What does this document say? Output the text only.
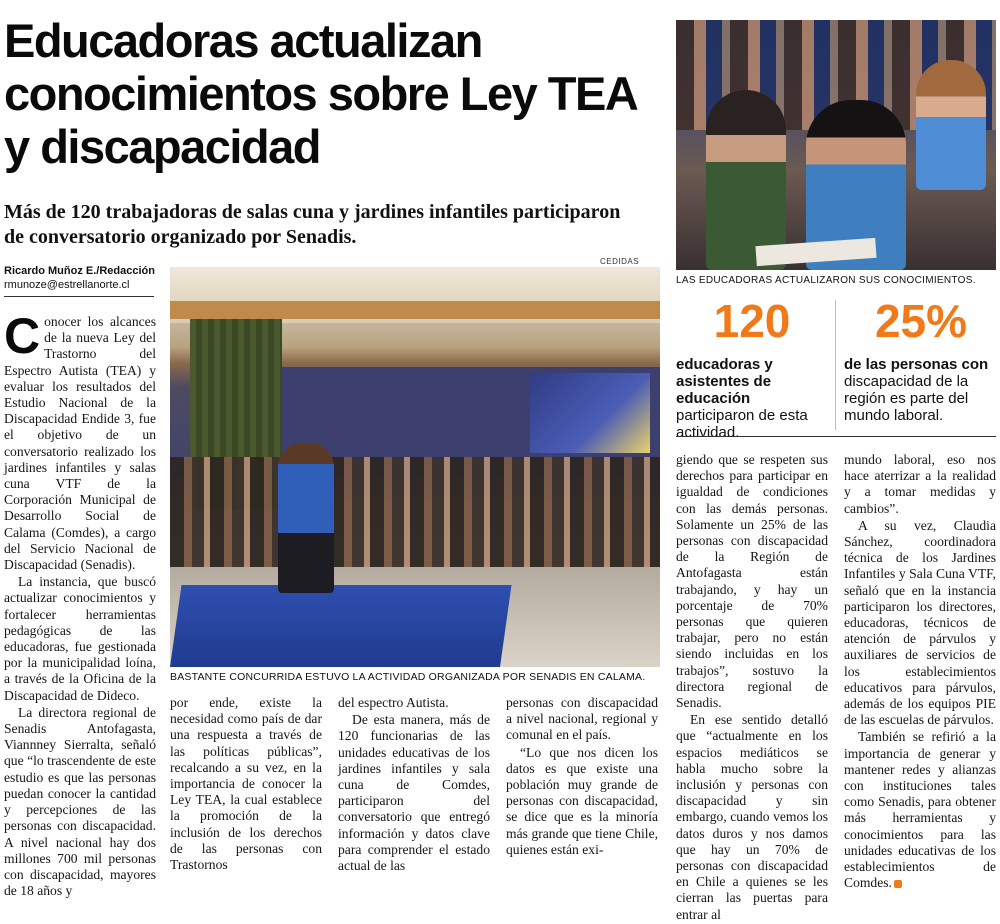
Educadoras actualizan conocimientos sobre Ley TEA y discapacidad

Más de 120 trabajadoras de salas cuna y jardines infantiles participaron de conversatorio organizado por Senadis.

Ricardo Muñoz E./Redacción
rmunoze@estrellanorte.cl
CEDIDAS
BASTANTE CONCURRIDA ESTUVO LA ACTIVIDAD ORGANIZADA POR SENADIS EN CALAMA.
LAS EDUCADORAS ACTUALIZARON SUS CONOCIMIENTOS.
120
educadoras y asistentes de educación participaron de esta actividad.
25%
de las personas con discapacidad de la región es parte del mundo laboral.

Conocer los alcances de la nueva Ley del Trastorno del Espectro Autista (TEA) y evaluar los resultados del Estudio Nacional de la Discapacidad Endide 3, fue el objetivo de un conversatorio realizado los jardines infantiles y salas cuna VTF de la Corporación Municipal de Desarrollo Social de Calama (Comdes), a cargo del Servicio Nacional de Discapacidad (Senadis).

La instancia, que buscó actualizar conocimientos y fortalecer herramientas pedagógicas de las educadoras, fue gestionada por la municipalidad loína, a través de la Oficina de la Discapacidad de Dideco.

La directora regional de Senadis Antofagasta, Viannney Sierralta, señaló que “lo trascendente de este estudio es que las personas puedan conocer la cantidad y percepciones de las personas con discapacidad. A nivel nacional hay dos millones 700 mil personas con discapacidad, mayores de 18 años y

por ende, existe la necesidad como país de dar una respuesta a través de las políticas públicas”, recalcando a su vez, en la importancia de conocer la Ley TEA, la cual establece la promoción de la inclusión de los derechos de las personas con Trastornos

del espectro Autista.

De esta manera, más de 120 funcionarias de las unidades educativas de los jardines infantiles y sala cuna de Comdes, participaron del conversatorio que entregó información y datos clave para comprender el estado actual de las

personas con discapacidad a nivel nacional, regional y comunal en el país.

“Lo que nos dicen los datos es que existe una población muy grande de personas con discapacidad, se dice que es la minoría más grande que tiene Chile, quienes están exi-

giendo que se respeten sus derechos para participar en igualdad de condiciones con las demás personas. Solamente un 25% de las personas con discapacidad de la Región de Antofagasta están trabajando, y hay un porcentaje de 70% personas que quieren trabajar, pero no están siendo incluidas en los trabajos”, sostuvo la directora regional de Senadis.

En ese sentido detalló que “actualmente en los espacios mediáticos se habla mucho sobre la inclusión y personas con discapacidad y sin embargo, cuando vemos los datos duros y nos damos que hay un 70% de personas con discapacidad en Chile a quienes se les cierran las puertas para entrar al

mundo laboral, eso nos hace aterrizar a la realidad y a tomar medidas y cambios”.

A su vez, Claudia Sánchez, coordinadora técnica de los Jardines Infantiles y Sala Cuna VTF, señaló que en la instancia participaron los directores, educadoras, técnicos de atención de párvulos y auxiliares de servicios de los establecimientos educativos para párvulos, además de los equipos PIE de las escuelas de párvulos.

También se refirió a la importancia de generar y mantener redes y alianzas con instituciones tales como Senadis, para obtener más herramientas y conocimientos para las unidades educativas de los establecimientos de Comdes.
